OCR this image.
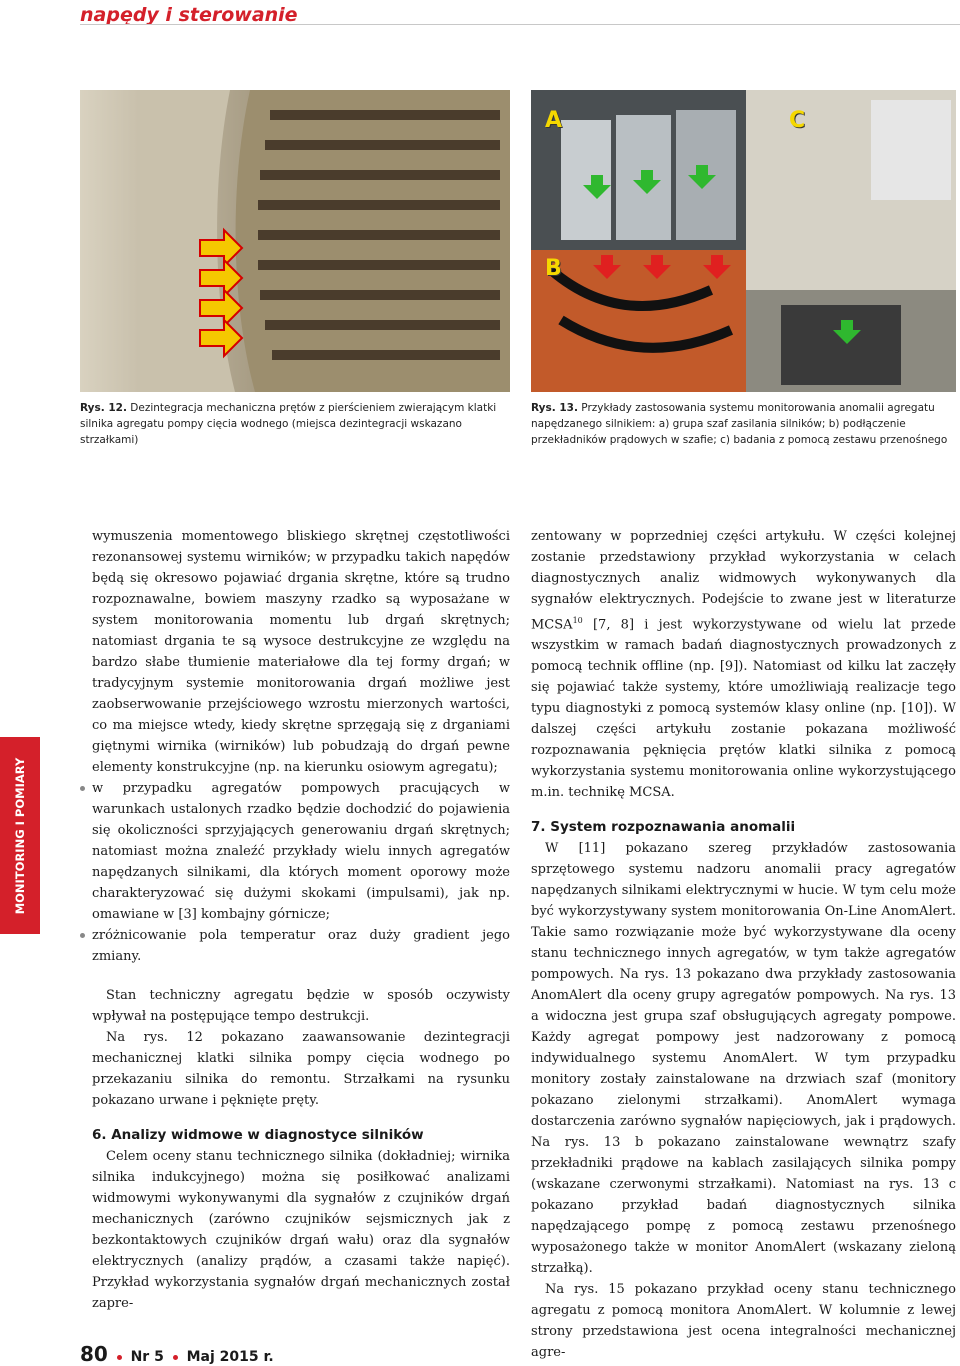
napędy i sterowanie
A
B
C
Rys. 12. Dezintegracja mechaniczna prętów z pierścieniem zwierającym klatki silnika agregatu pompy cięcia wodnego (miejsca dezintegracji wskazano strzałkami)
Rys. 13. Przykłady zastosowania systemu monitorowania anomalii agregatu napędzanego silnikiem: a) grupa szaf zasilania silników; b) podłączenie przekładników prądowych w szafie; c) badania z pomocą zestawu przenośnego
MONITORING I POMIARY

wymuszenia momentowego bliskiego skrętnej częstotliwości rezonansowej systemu wirników; w przypadku takich napędów będą się okresowo pojawiać drgania skrętne, które są trudno rozpoznawalne, bowiem maszyny rzadko są wyposażane w system monitorowania momentu lub drgań skrętnych; natomiast drgania te są wysoce destrukcyjne ze względu na bardzo słabe tłumienie materiałowe dla tej formy drgań; w tradycyjnym systemie monitorowania drgań możliwe jest zaobserwowanie przejściowego wzrostu mierzonych wartości, co ma miejsce wtedy, kiedy skrętne sprzęgają się z drganiami giętnymi wirnika (wirników) lub pobudzają do drgań pewne elementy konstrukcyjne (np. na kierunku osiowym agregatu);

w przypadku agregatów pompowych pracujących w warunkach ustalonych rzadko będzie dochodzić do pojawienia się okoliczności sprzyjających generowaniu drgań skrętnych; natomiast można znaleźć przykłady wielu innych agregatów napędzanych silnikami, dla których moment oporowy może charakteryzować się dużymi skokami (impulsami), jak np. omawiane w [3] kombajny górnicze;

zróżnicowanie pola temperatur oraz duży gradient jego zmiany.

Stan techniczny agregatu będzie w sposób oczywisty wpływał na postępujące tempo destrukcji.

Na rys. 12 pokazano zaawansowanie dezintegracji mechanicznej klatki silnika pompy cięcia wodnego po przekazaniu silnika do remontu. Strzałkami na rysunku pokazano urwane i pęknięte pręty.

6. Analizy widmowe w diagnostyce silników

Celem oceny stanu technicznego silnika (dokładniej; wirnika silnika indukcyjnego) można się posiłkować analizami widmowymi wykonywanymi dla sygnałów z czujników drgań mechanicznych (zarówno czujników sejsmicznych jak z bezkontaktowych czujników drgań wału) oraz dla sygnałów elektrycznych (analizy prądów, a czasami także napięć). Przykład wykorzystania sygnałów drgań mechanicznych został zapre-

zentowany w poprzedniej części artykułu. W części kolejnej zostanie przedstawiony przykład wykorzystania w celach diagnostycznych analiz widmowych wykonywanych dla sygnałów elektrycznych. Podejście to zwane jest w literaturze MCSA$^{10}$ [7, 8] i jest wykorzystywane od wielu lat przede wszystkim w ramach badań diagnostycznych prowadzonych z pomocą technik offline (np. [9]). Natomiast od kilku lat zaczęły się pojawiać także systemy, które umożliwiają realizacje tego typu diagnostyki z pomocą systemów klasy online (np. [10]). W dalszej części artykułu zostanie pokazana możliwość rozpoznawania pęknięcia prętów klatki silnika z pomocą wykorzystania systemu monitorowania online wykorzystującego m.in. technikę MCSA.

7. System rozpoznawania anomalii

W [11] pokazano szereg przykładów zastosowania sprzętowego systemu nadzoru anomalii pracy agregatów napędzanych silnikami elektrycznymi w hucie. W tym celu może być wykorzystywany system monitorowania On-Line AnomAlert. Takie samo rozwiązanie może być wykorzystywane dla oceny stanu technicznego innych agregatów, w tym także agregatów pompowych. Na rys. 13 pokazano dwa przykłady zastosowania AnomAlert dla oceny grupy agregatów pompowych. Na rys. 13 a widoczna jest grupa szaf obsługujących agregaty pompowe. Każdy agregat pompowy jest nadzorowany z pomocą indywidualnego systemu AnomAlert. W tym przypadku monitory zostały zainstalowane na drzwiach szaf (monitory pokazano zielonymi strzałkami). AnomAlert wymaga dostarczenia zarówno sygnałów napięciowych, jak i prądowych. Na rys. 13 b pokazano zainstalowane wewnątrz szafy przekładniki prądowe na kablach zasilających silnika pompy (wskazane czerwonymi strzałkami). Natomiast na rys. 13 c pokazano przykład badań diagnostycznych silnika napędzającego pompę z pomocą zestawu przenośnego wyposażonego także w monitor AnomAlert (wskazany zieloną strzałką).

Na rys. 15 pokazano przykład oceny stanu technicznego agregatu z pomocą monitora AnomAlert. W kolumnie z lewej strony przedstawiona jest ocena integralności mechanicznej agre-

80 Nr 5 Maj 2015 r.
